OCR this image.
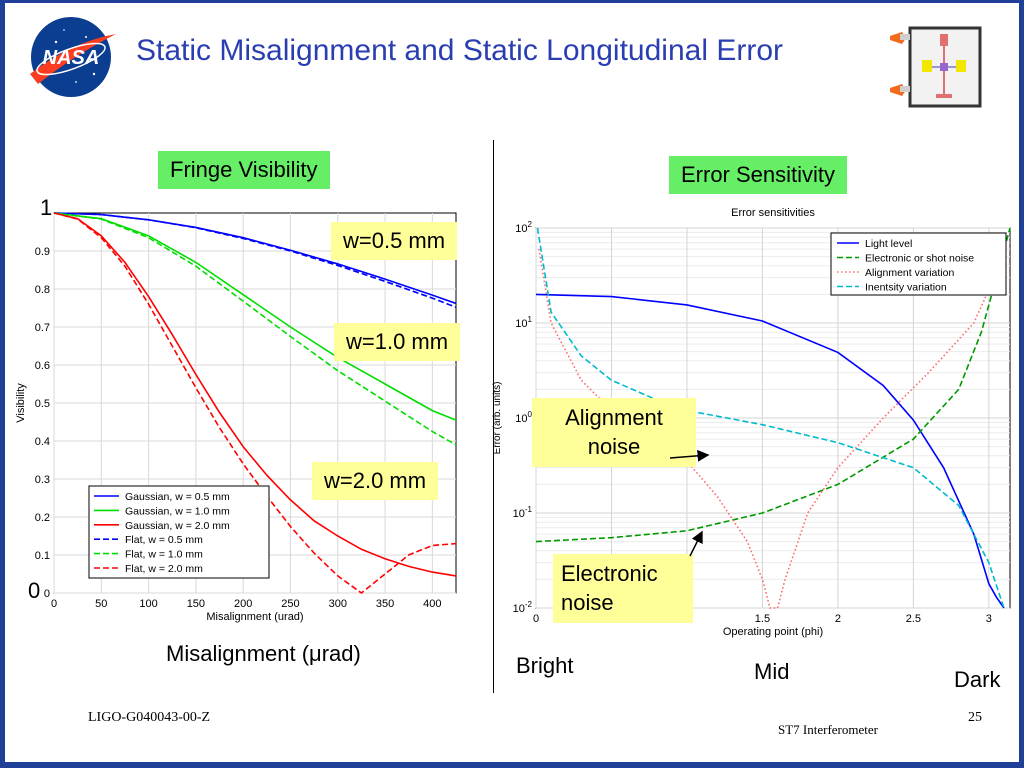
NASA Static Misalignment and Static Longitudinal Error
Fringe Visibility	Error Sensitivity
0	50	100	150	200	250	300	350	400
0
0.1
0.2
0.3
0.4
0.5
0.6
0.7
0.8
0.9
Misalignment (urad)
Visibility
Gaussian, w = 0.5 mm
Gaussian, w = 1.0 mm
Gaussian, w = 2.0 mm
Flat, w = 0.5 mm
Flat, w = 1.0 mm
Flat, w = 2.0 mm
1
0
w=0.5 mm
w=1.0 mm
w=2.0 mm
Misalignment (μrad)
0	1.5	2	2.5	3
$10^{-2}$
$10^{-1}$
$10^0$
$10^1$
$10^2$
Error sensitivities
Operating point (phi)
Error (arb. units)
Light level
Electronic or shot noise
Alignment variation
Inentsity variation
Alignment noise
Electronic noise
Bright	Mid	Dark
LIGO-G040043-00-Z
ST7 Interferometer
25
